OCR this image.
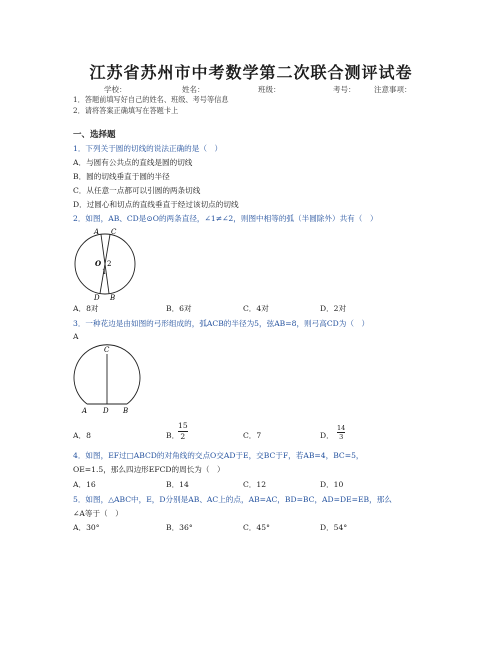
江苏省苏州市中考数学第二次联合测评试卷
学校：	姓名：	班级：	考号： 注意事项：
1．答题前填写好自己的姓名、班级、考号等信息
2．请将答案正确填写在答题卡上
一、选择题
1．下列关于圆的切线的说法正确的是（　）
A．与圆有公共点的直线是圆的切线
B．圆的切线垂直于圆的半径
C．从任意一点都可以引圆的两条切线
D．过圆心和切点的直线垂直于经过该切点的切线
2．如图，AB、CD是⊙O的两条直径，∠1≠∠2，则图中相等的弧（半圆除外）共有（　）
A C
O 2
1
D B
A．8对	B．6对	C．4对	D．2对
3．一种花边是由如图的弓形组成的，弧ACB的半径为5，弦AB=8，则弓高CD为（　）
A
C
A D B
A．8	B．
$\frac{15}{2}$	C．7	D． $\frac{14}{3}$
4．如图，EF过□ABCD的对角线的交点O交AD于E，交BC于F，若AB=4，BC=5，
OE=1.5，那么四边形EFCD的周长为（　）
A．16	B．14	C．12	D．10
5．如图，△ABC中，E，D分别是AB、AC上的点，AB=AC，BD=BC，AD=DE=EB，那么
∠A等于（　）
A．30°	B．36°	C．45°	D．54°
